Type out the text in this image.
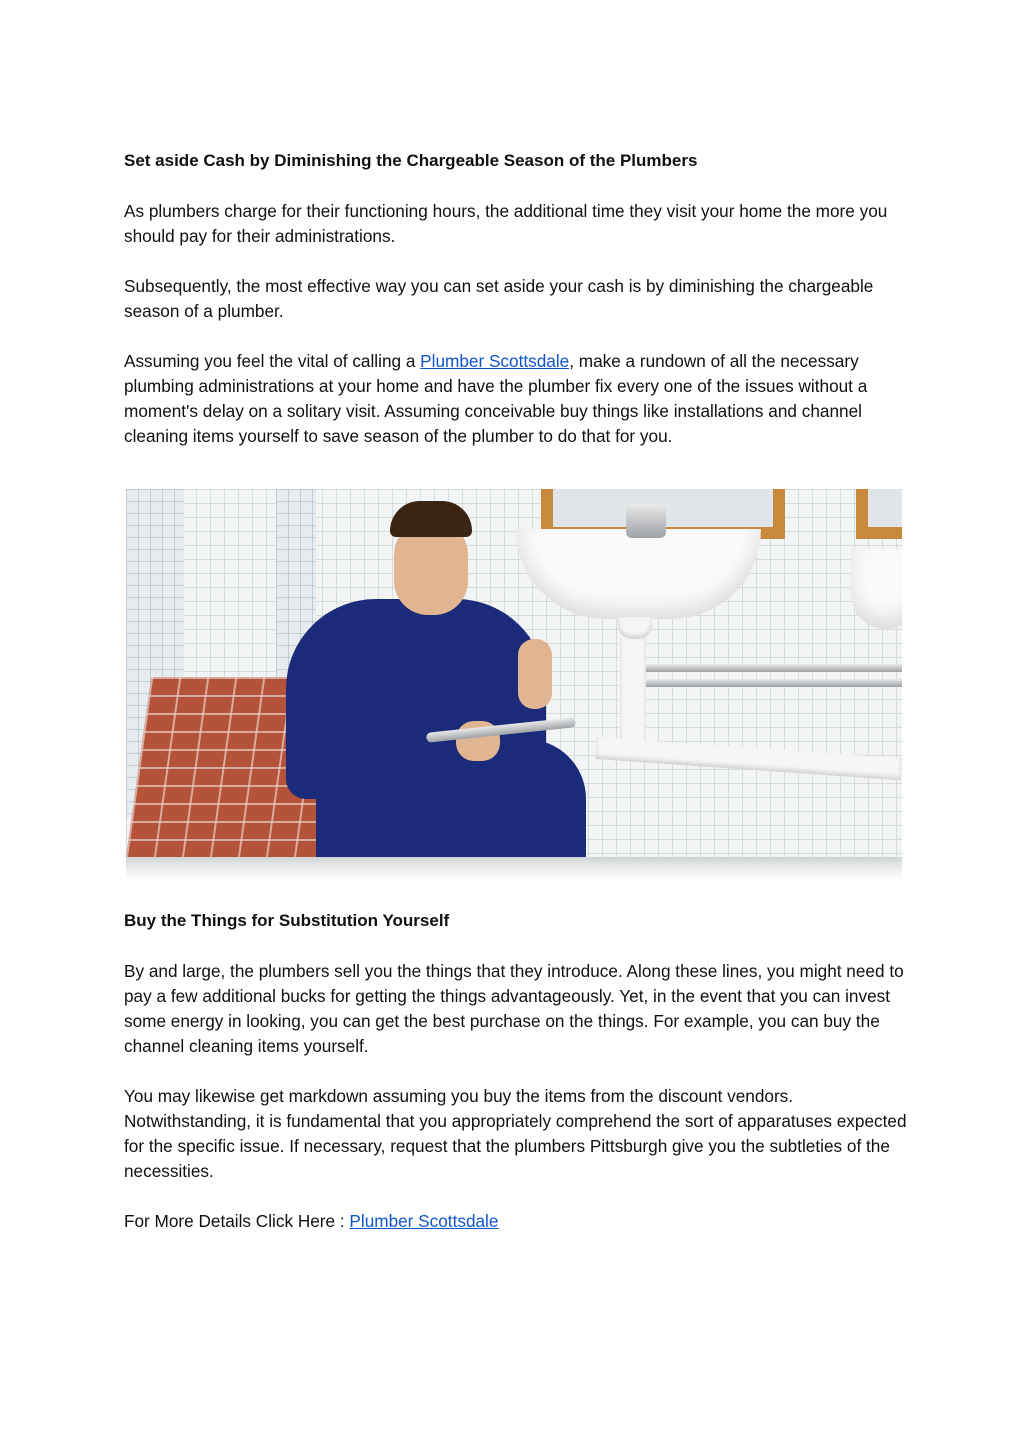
Set aside Cash by Diminishing the Chargeable Season of the Plumbers

As plumbers charge for their functioning hours, the additional time they visit your home the more you should pay for their administrations.

Subsequently, the most effective way you can set aside your cash is by diminishing the chargeable season of a plumber.

Assuming you feel the vital of calling a Plumber Scottsdale, make a rundown of all the necessary plumbing administrations at your home and have the plumber fix every one of the issues without a moment's delay on a solitary visit. Assuming conceivable buy things like installations and channel cleaning items yourself to save season of the plumber to do that for you.

Buy the Things for Substitution Yourself

By and large, the plumbers sell you the things that they introduce. Along these lines, you might need to pay a few additional bucks for getting the things advantageously. Yet, in the event that you can invest some energy in looking, you can get the best purchase on the things. For example, you can buy the channel cleaning items yourself.

You may likewise get markdown assuming you buy the items from the discount vendors. Notwithstanding, it is fundamental that you appropriately comprehend the sort of apparatuses expected for the specific issue. If necessary, request that the plumbers Pittsburgh give you the subtleties of the necessities.

For More Details Click Here : Plumber Scottsdale
